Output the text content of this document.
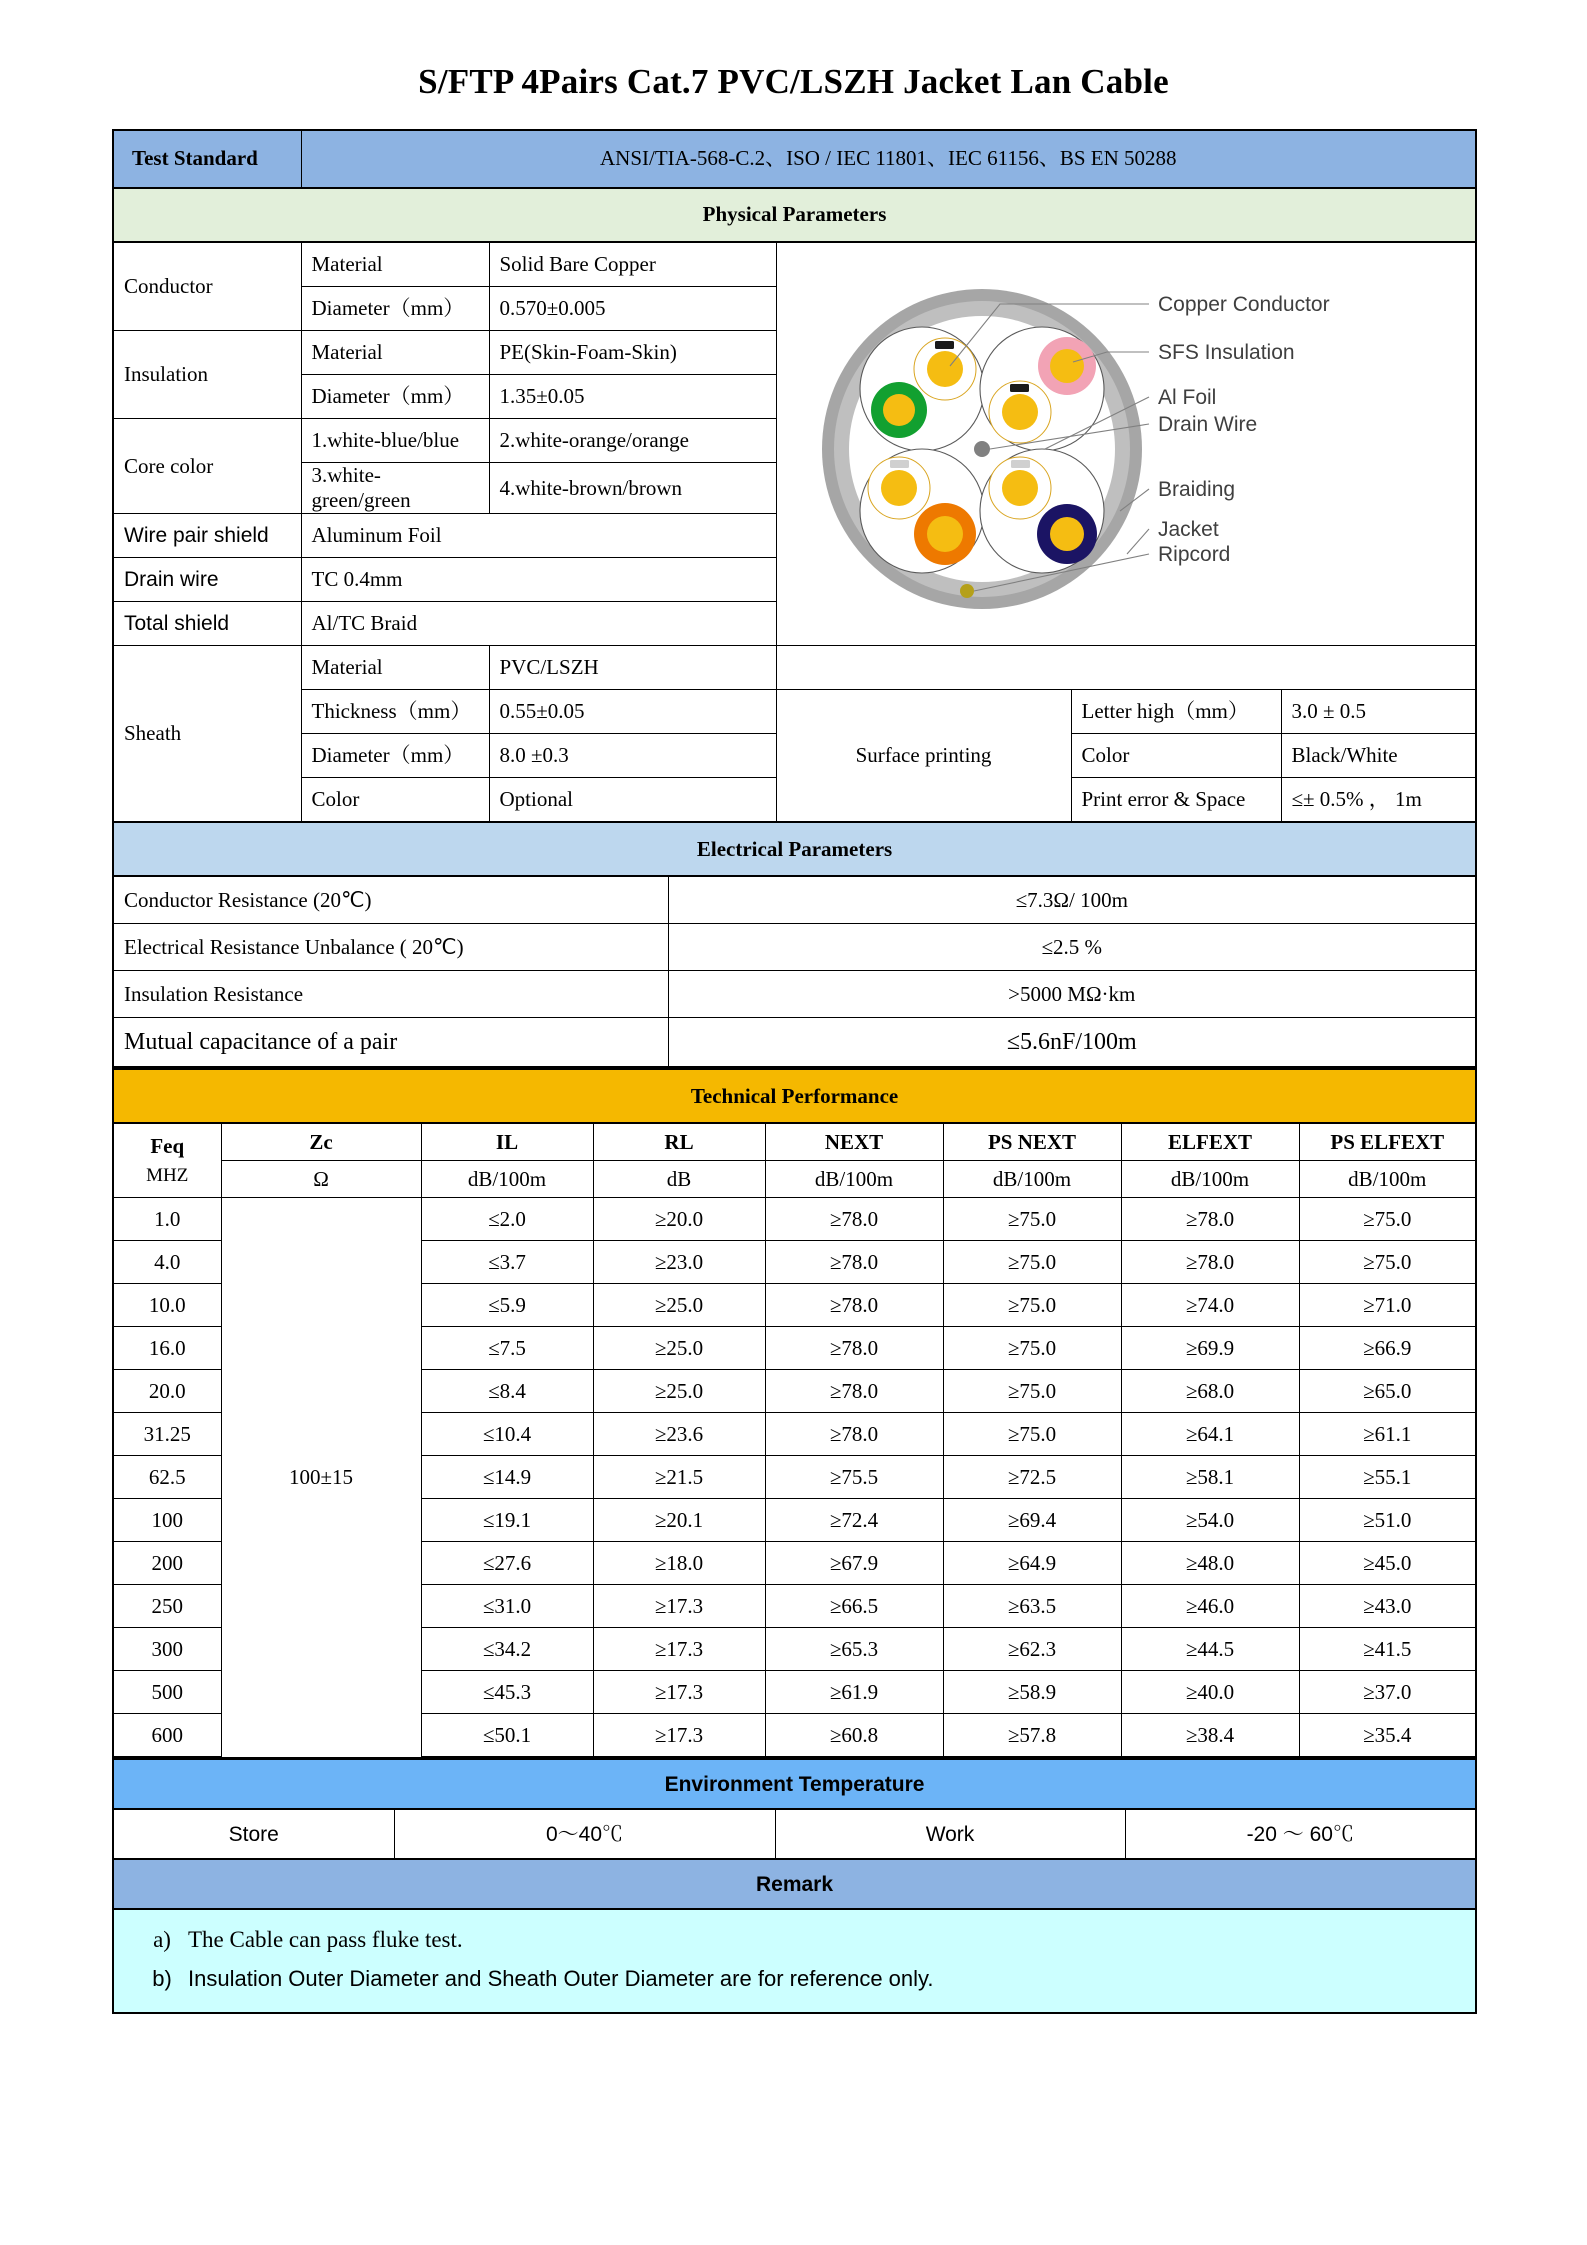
S/FTP 4Pairs Cat.7 PVC/LSZH Jacket Lan Cable
Test Standard	ANSI/TIA-568-C.2、ISO / IEC 11801、IEC 61156、BS EN 50288					
Physical Parameters						
Conductor	Material	Solid Bare Copper	
Copper Conductor
SFS Insulation
Al Foil
Drain Wire
Braiding
Jacket
Ripcord

	Diameter（mm）	0.570±0.005				
Insulation	Material	PE(Skin-Foam-Skin)				
	Diameter（mm）	1.35±0.05				
Core color	1.white-blue/blue	2.white-orange/orange				
	3.white-green/green	4.white-brown/brown				
Wire pair shield	Aluminum Foil					
Drain wire	TC 0.4mm					
Total shield	Al/TC Braid					
Sheath	Material	PVC/LSZH				
	Thickness（mm）	0.55±0.05		Surface printing	Letter high（mm）	3.0 ± 0.5
	Diameter（mm）	8.0 ±0.3			Color	Black/White
	Color	Optional			Print error & Space	≤± 0.5% ， 1m
Electrical Parameters						
Conductor Resistance (20℃)			≤7.3Ω/ 100m			
Electrical Resistance Unbalance ( 20℃)			≤2.5 %			
Insulation Resistance			>5000 MΩ·km			
Mutual capacitance of a pair			≤5.6nF/100m			
Technical Performance							
Feq
MHZ	Zc	IL	RL	NEXT	PS NEXT	ELFEXT	PS ELFEXT
	Ω	dB/100m	dB	dB/100m	dB/100m	dB/100m	dB/100m
1.0	100±15	≤2.0	≥20.0	≥78.0	≥75.0	≥78.0	≥75.0
4.0		≤3.7	≥23.0	≥78.0	≥75.0	≥78.0	≥75.0
10.0		≤5.9	≥25.0	≥78.0	≥75.0	≥74.0	≥71.0
16.0		≤7.5	≥25.0	≥78.0	≥75.0	≥69.9	≥66.9
20.0		≤8.4	≥25.0	≥78.0	≥75.0	≥68.0	≥65.0
31.25		≤10.4	≥23.6	≥78.0	≥75.0	≥64.1	≥61.1
62.5		≤14.9	≥21.5	≥75.5	≥72.5	≥58.1	≥55.1
100		≤19.1	≥20.1	≥72.4	≥69.4	≥54.0	≥51.0
200		≤27.6	≥18.0	≥67.9	≥64.9	≥48.0	≥45.0
250		≤31.0	≥17.3	≥66.5	≥63.5	≥46.0	≥43.0
300		≤34.2	≥17.3	≥65.3	≥62.3	≥44.5	≥41.5
500		≤45.3	≥17.3	≥61.9	≥58.9	≥40.0	≥37.0
600		≤50.1	≥17.3	≥60.8	≥57.8	≥38.4	≥35.4
Environment Temperature
Store	0～40℃	Work	-20 ～ 60℃
Remark

a) The Cable can pass fluke test.
b) Insulation Outer Diameter and Sheath Outer Diameter are for reference only.
